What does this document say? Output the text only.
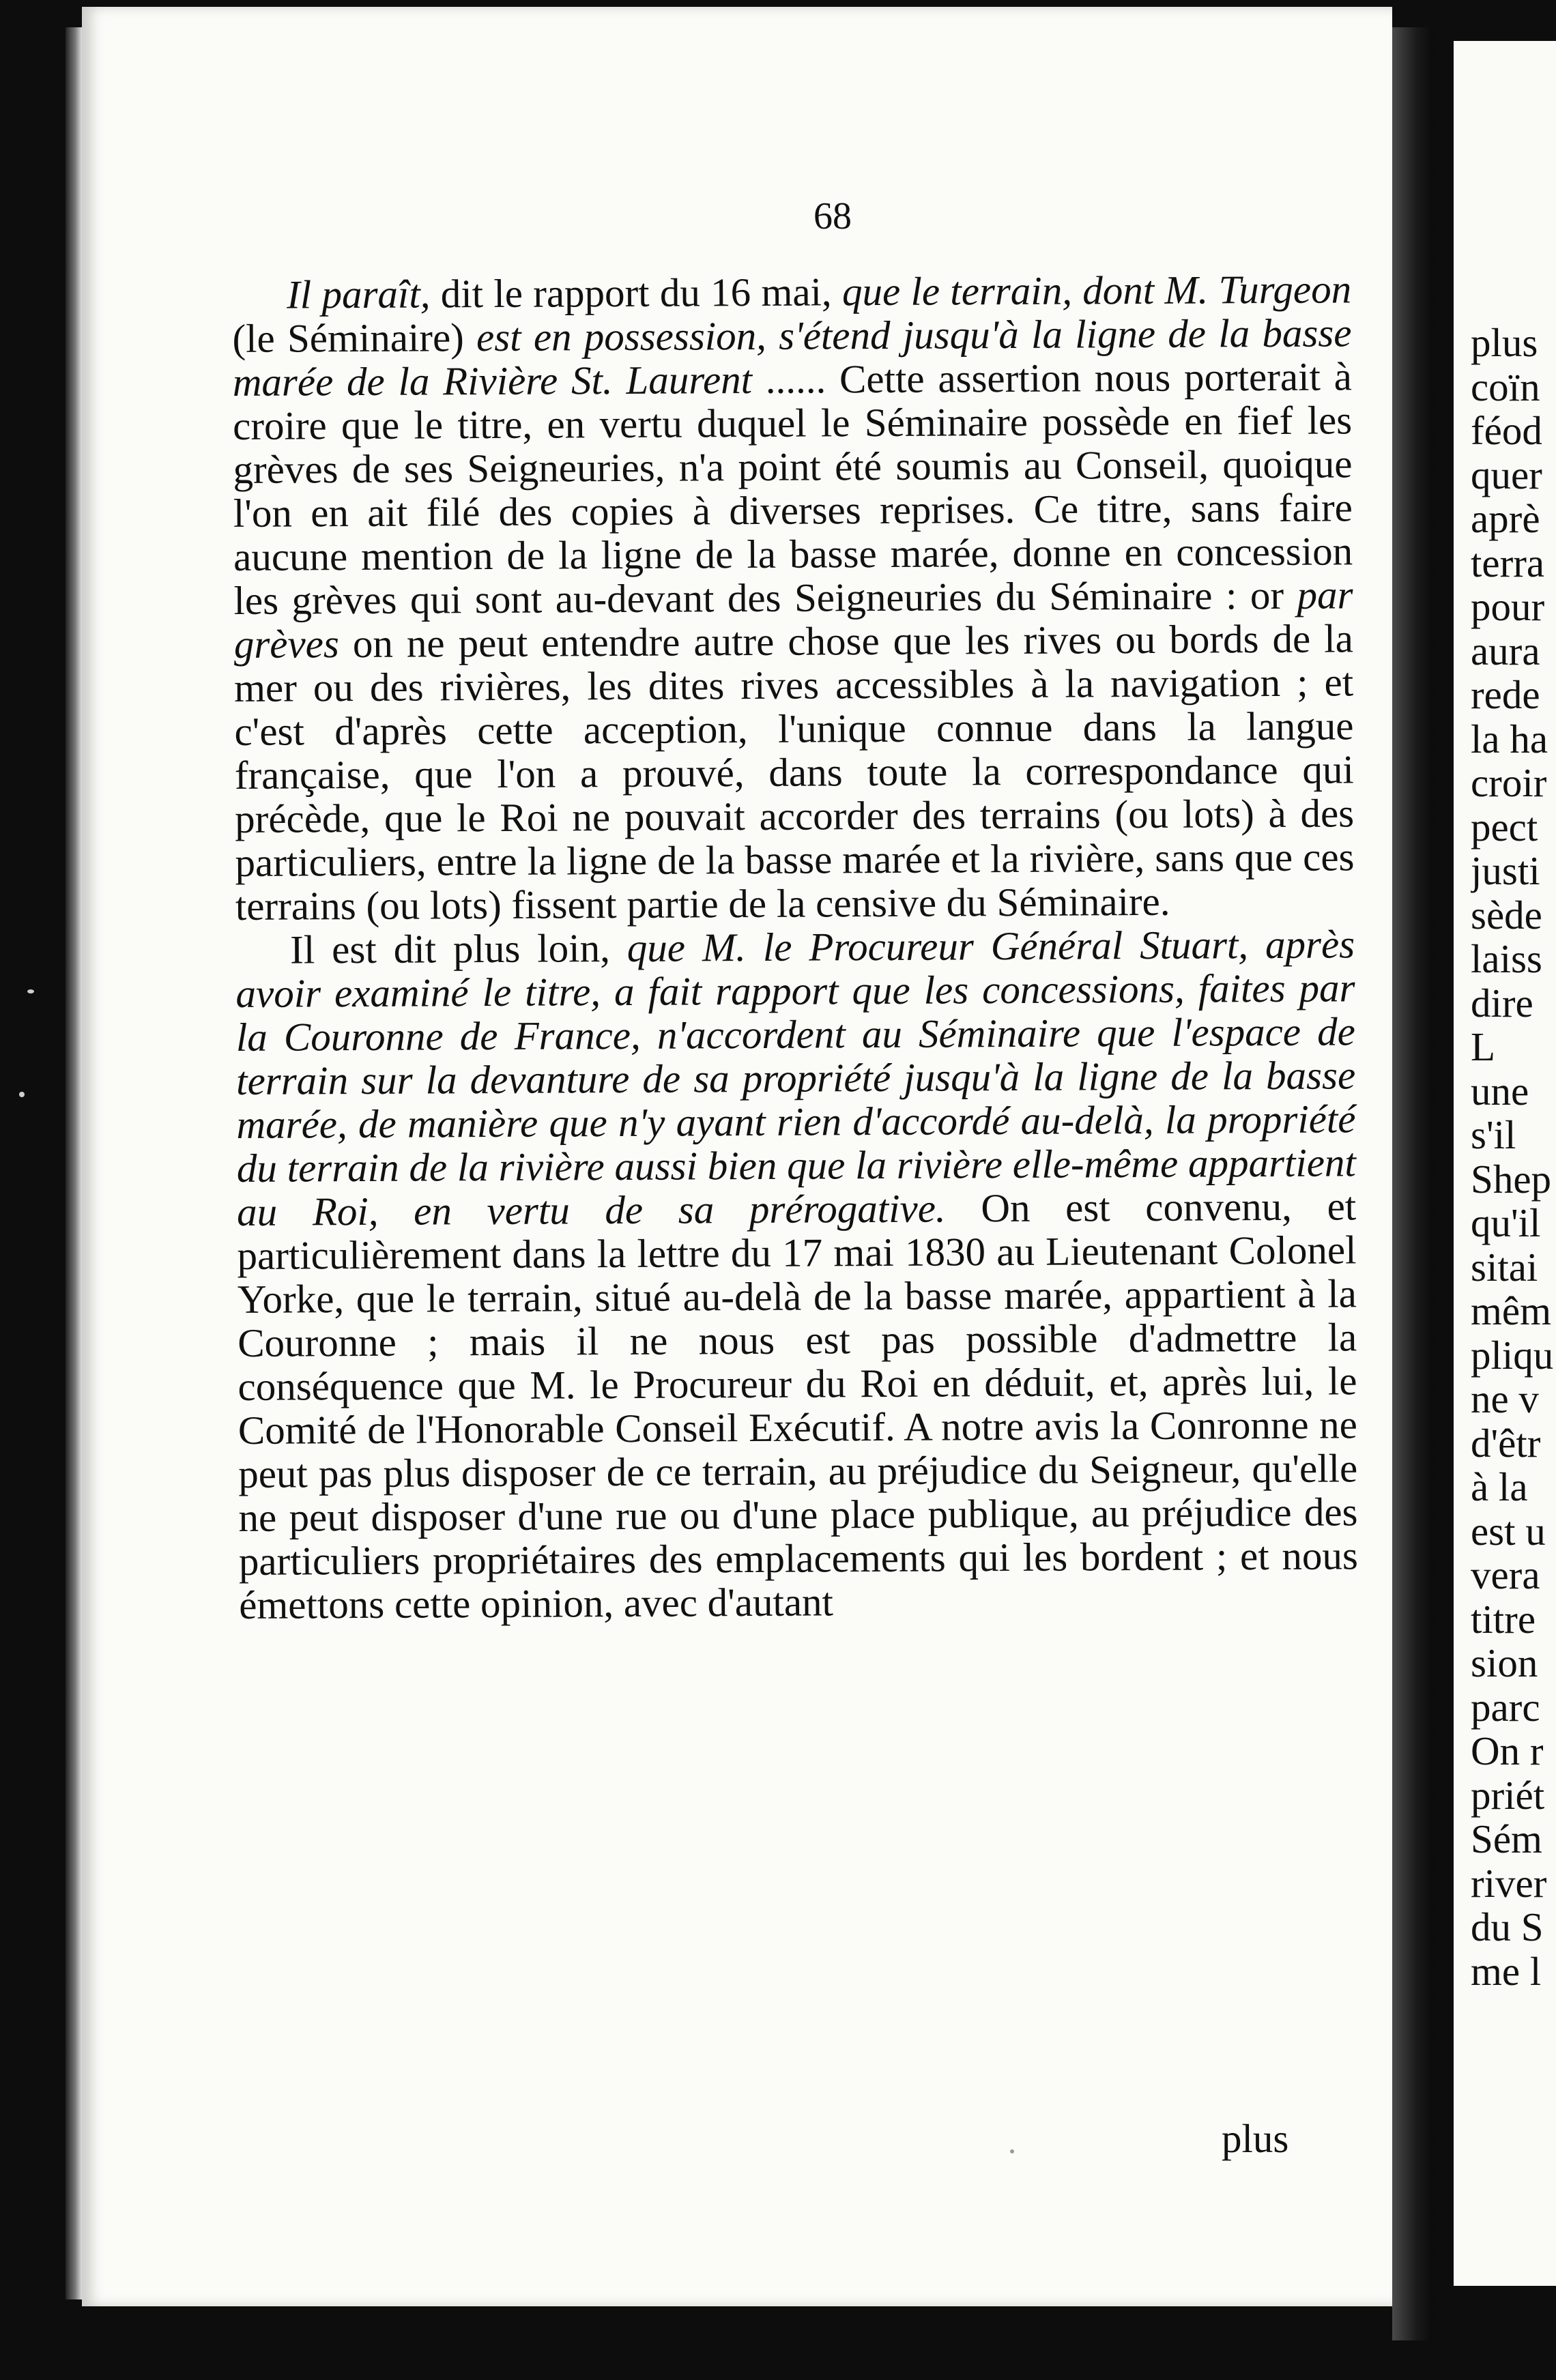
68

Il paraît, dit le rapport du 16 mai, que le terrain, dont M. Turgeon (le Séminaire) est en possession, s'étend jusqu'à la ligne de la basse marée de la Rivière St. Laurent ...... Cette assertion nous porterait à croire que le titre, en vertu duquel le Séminaire possède en fief les grèves de ses Seigneuries, n'a point été soumis au Conseil, quoique l'on en ait filé des copies à diverses reprises. Ce titre, sans faire aucune mention de la ligne de la basse marée, donne en concession les grèves qui sont au-devant des Seigneuries du Séminaire : or par grèves on ne peut entendre autre chose que les rives ou bords de la mer ou des rivières, les dites rives accessibles à la navigation ; et c'est d'après cette acception, l'unique connue dans la langue française, que l'on a prouvé, dans toute la correspondance qui précède, que le Roi ne pouvait accorder des terrains (ou lots) à des particuliers, entre la ligne de la basse marée et la rivière, sans que ces terrains (ou lots) fissent partie de la censive du Séminaire.

Il est dit plus loin, que M. le Procureur Général Stuart, après avoir examiné le titre, a fait rapport que les concessions, faites par la Couronne de France, n'accordent au Séminaire que l'espace de terrain sur la devanture de sa propriété jusqu'à la ligne de la basse marée, de manière que n'y ayant rien d'accordé au-delà, la propriété du terrain de la rivière aussi bien que la rivière elle-même appartient au Roi, en vertu de sa prérogative. On est convenu, et particulièrement dans la lettre du 17 mai 1830 au Lieutenant Colonel Yorke, que le terrain, situé au-delà de la basse marée, appartient à la Couronne ; mais il ne nous est pas possible d'admettre la conséquence que M. le Procureur du Roi en déduit, et, après lui, le Comité de l'Honorable Conseil Exécutif. A notre avis la Conronne ne peut pas plus disposer de ce terrain, au préjudice du Seigneur, qu'elle ne peut disposer d'une rue ou d'une place publique, au préjudice des particuliers propriétaires des emplacements qui les bordent ; et nous émettons cette opinion, avec d'autant

plus
plus
coïn
féod
quer
aprè
terra
pour
aura
rede
la ha
croir
pect
justi
sède
laiss
dire
L
une
s'il
Shep
qu'il
sitai
mêm
pliqu
ne v
d'êtr
à la
est u
vera
titre
sion
parc
On r
priét
Sém
river
du S
me l
